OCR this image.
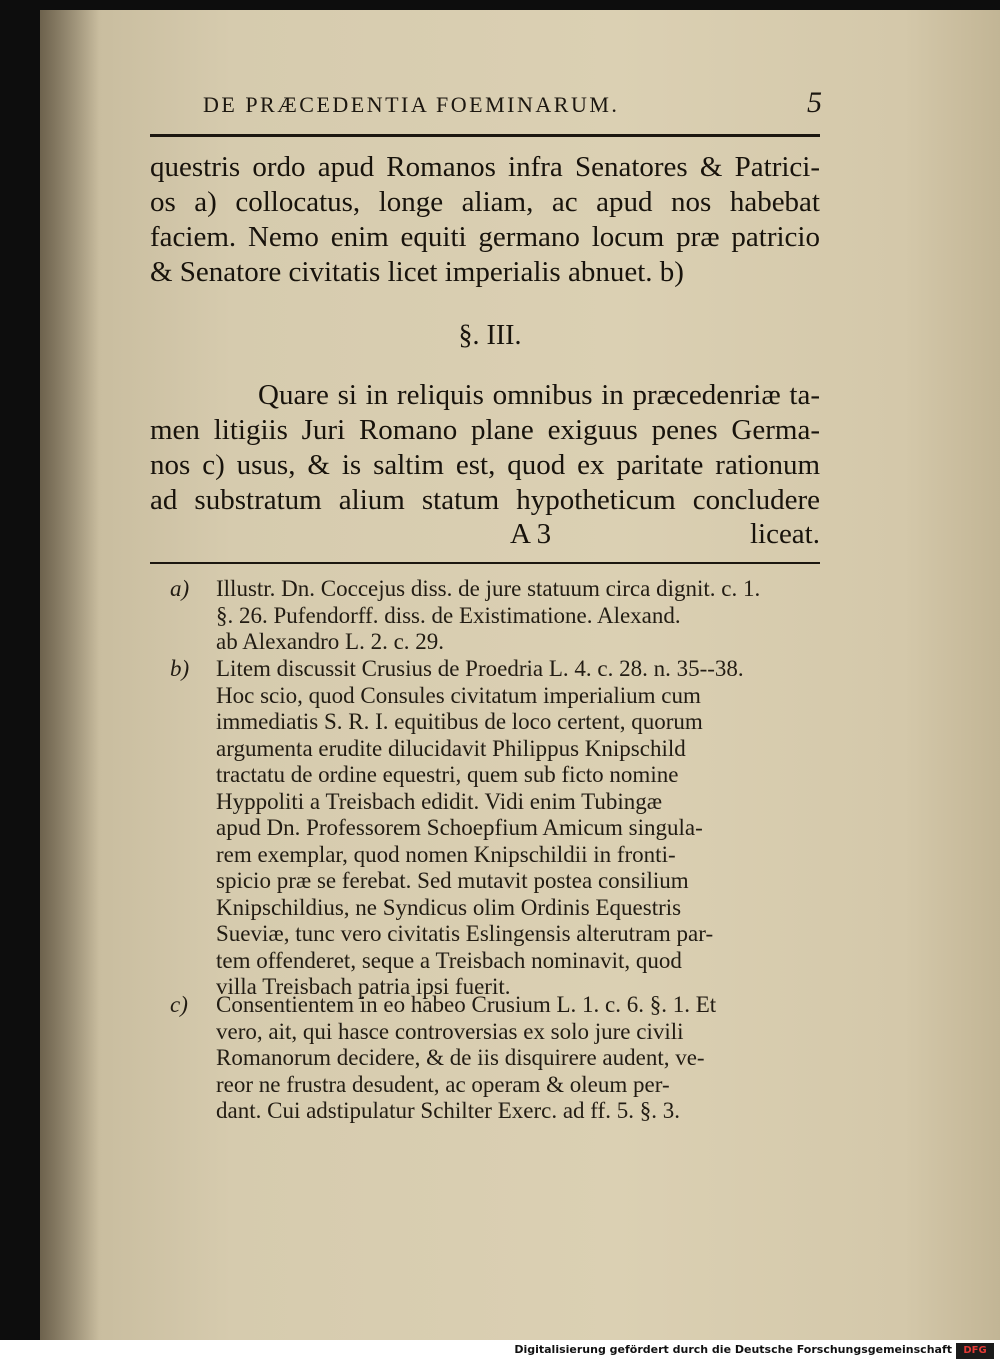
DE PRÆCEDENTIA FOEMINARUM.	5
questris ordo apud Romanos infra Senatores & Patrici-
os a) collocatus, longe aliam, ac apud nos habebat
faciem. Nemo enim equiti germano locum præ patricio
& Senatore civitatis licet imperialis abnuet. b)
§. III.
Quare si in reliquis omnibus in præcedenriæ ta-
men litigiis Juri Romano plane exiguus penes Germa-
nos c) usus, & is saltim est, quod ex paritate rationum
ad substratum alium statum hypotheticum concludere
A 3	liceat.
a)	Illustr. Dn. Coccejus diss. de jure statuum circa dignit. c. 1.
§. 26. Pufendorff. diss. de Existimatione. Alexand.
ab Alexandro L. 2. c. 29.
b)	Litem discussit Crusius de Proedria L. 4. c. 28. n. 35--38.
Hoc scio, quod Consules civitatum imperialium cum
immediatis S. R. I. equitibus de loco certent, quorum
argumenta erudite dilucidavit Philippus Knipschild
tractatu de ordine equestri, quem sub ficto nomine
Hyppoliti a Treisbach edidit. Vidi enim Tubingæ
apud Dn. Professorem Schoepfium Amicum singula-
rem exemplar, quod nomen Knipschildii in fronti-
spicio præ se ferebat. Sed mutavit postea consilium
Knipschildius, ne Syndicus olim Ordinis Equestris
Sueviæ, tunc vero civitatis Eslingensis alterutram par-
tem offenderet, seque a Treisbach nominavit, quod
villa Treisbach patria ipsi fuerit.
c)	Consentientem in eo habeo Crusium L. 1. c. 6. §. 1. Et
vero, ait, qui hasce controversias ex solo jure civili
Romanorum decidere, & de iis disquirere audent, ve-
reor ne frustra desudent, ac operam & oleum per-
dant. Cui adstipulatur Schilter Exerc. ad ff. 5. §. 3.
Digitalisierung gefördert durch die Deutsche Forschungsgemeinschaft	DFG
